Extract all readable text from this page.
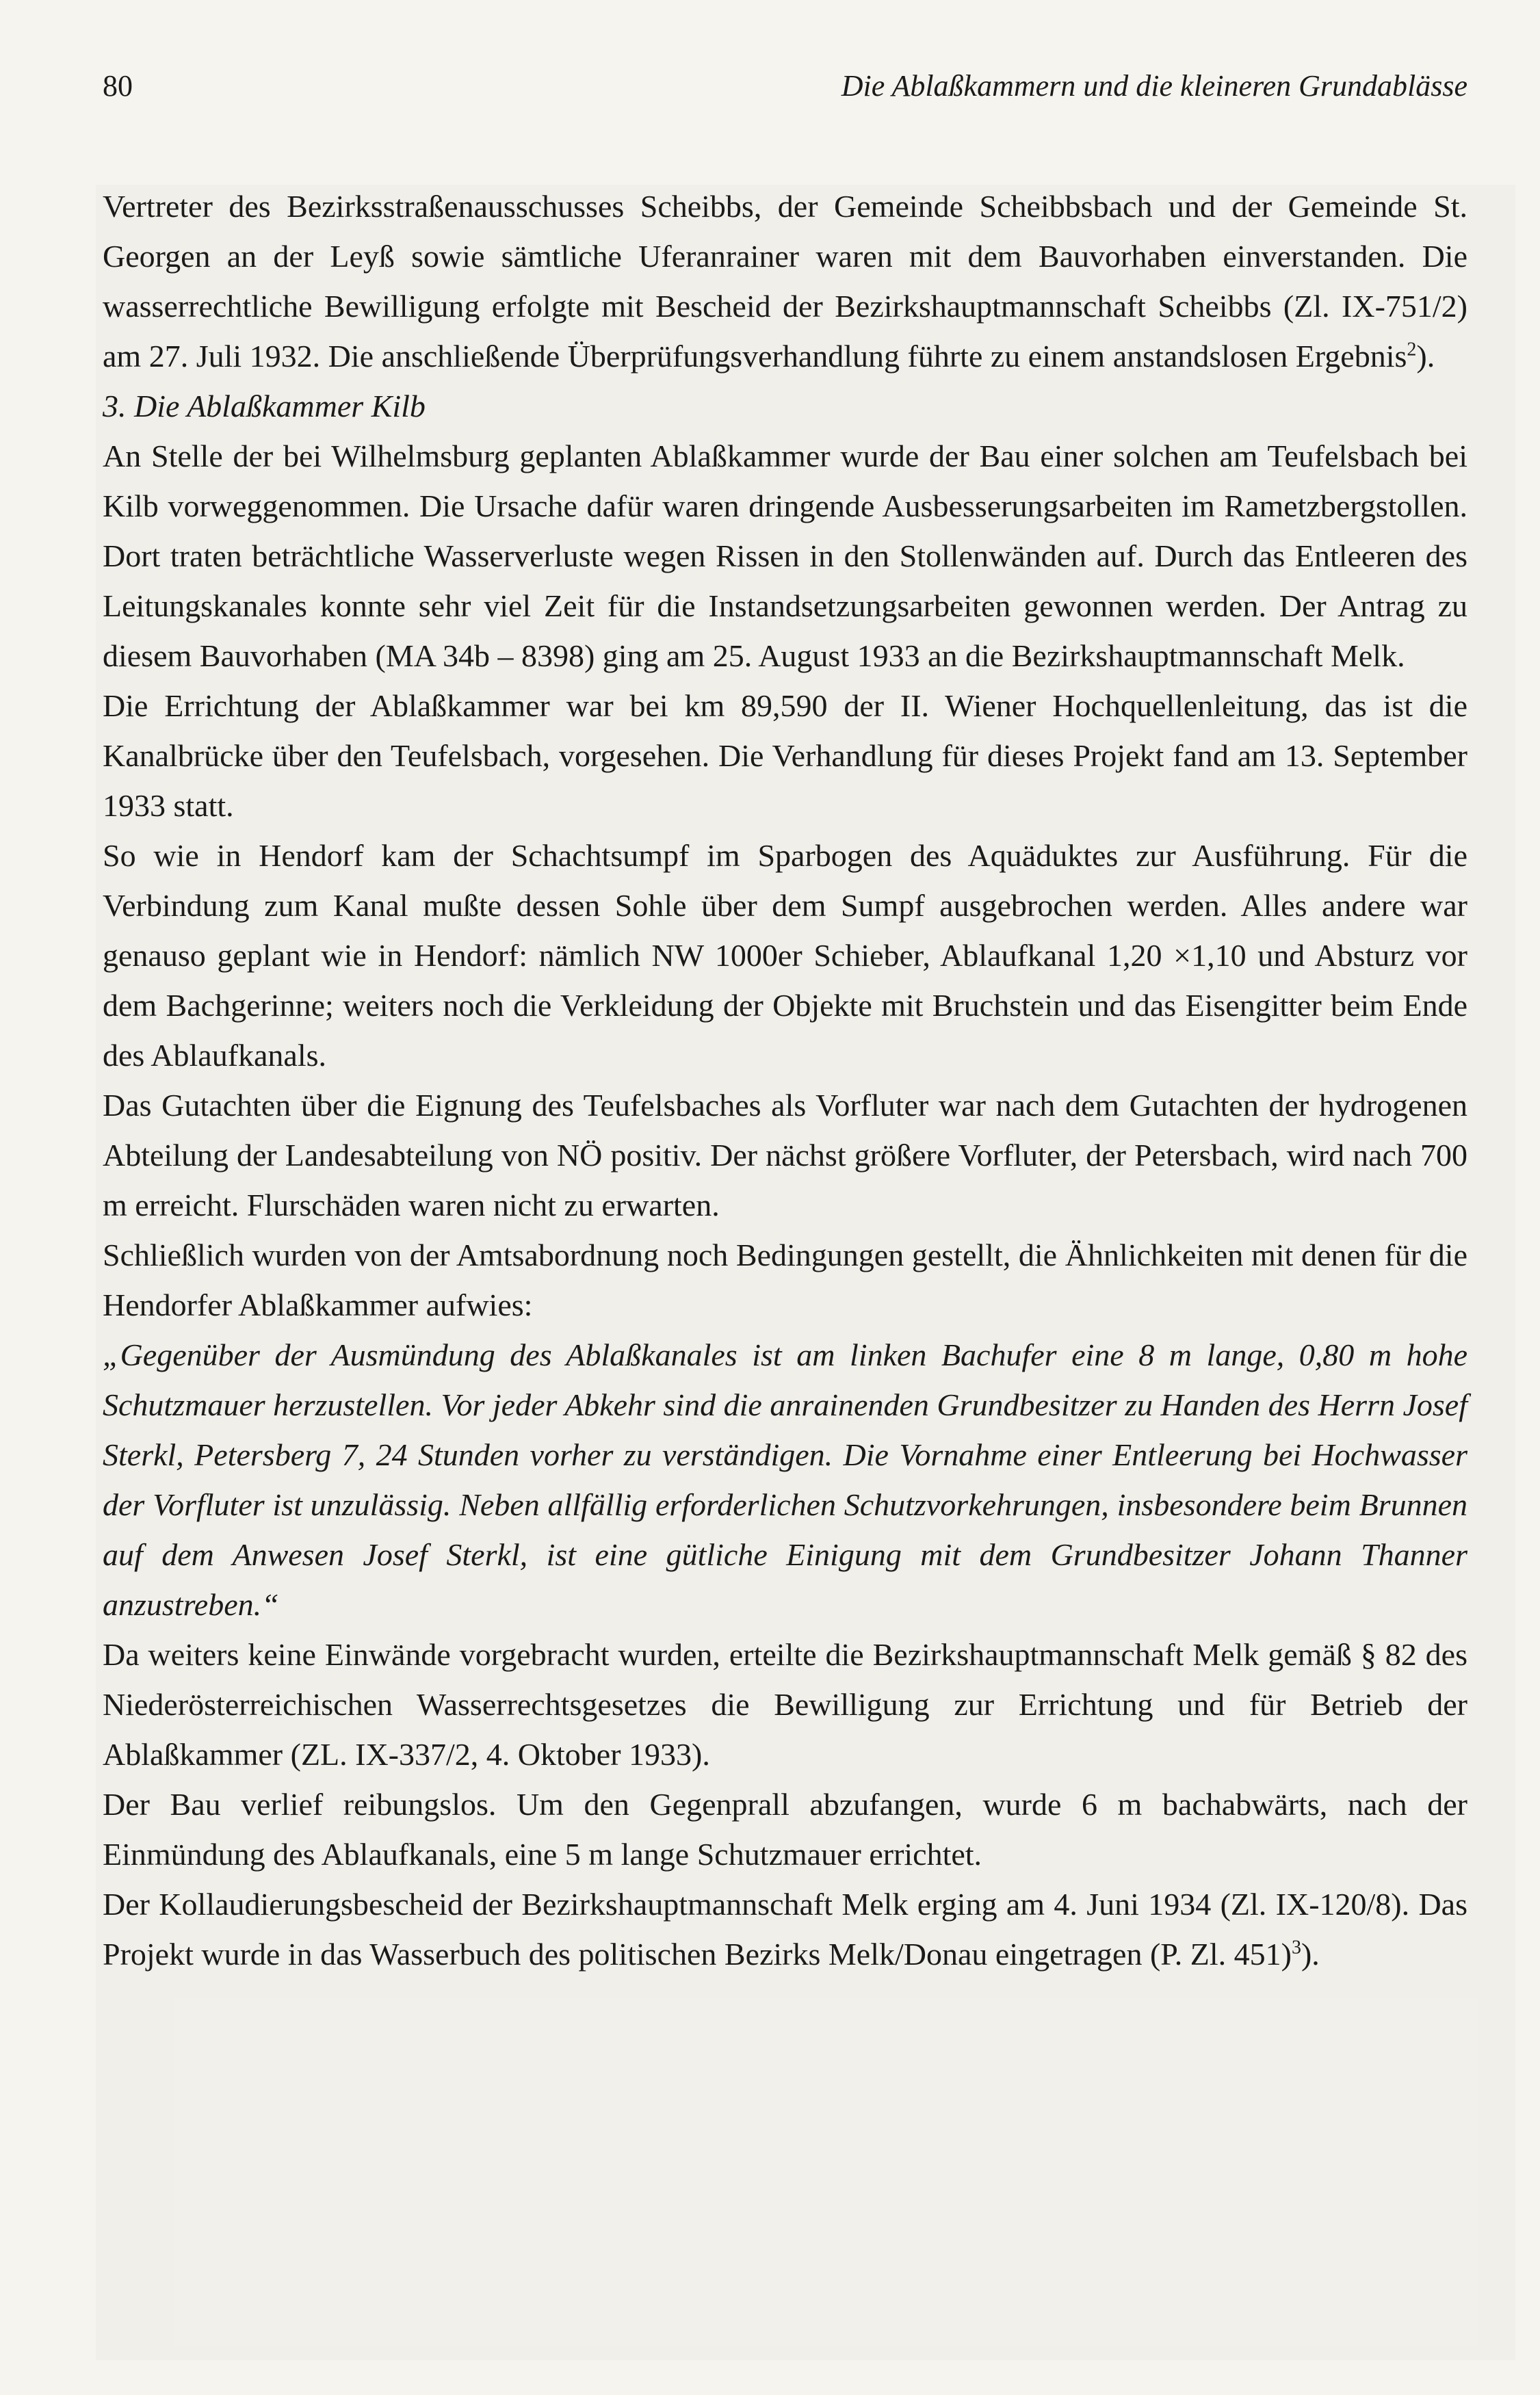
80	Die Ablaßkammern und die kleineren Grundablässe

Vertreter des Bezirksstraßenausschusses Scheibbs, der Gemeinde Scheibbsbach und der Gemeinde St. Georgen an der Leyß sowie sämtliche Uferanrainer waren mit dem Bauvorhaben einverstanden. Die wasserrechtliche Bewilligung erfolgte mit Bescheid der Bezirkshauptmannschaft Scheibbs (Zl. IX-751/2) am 27. Juli 1932. Die anschließende Überprüfungsverhandlung führte zu einem anstandslosen Ergebnis$^2$).

3. Die Ablaßkammer Kilb

An Stelle der bei Wilhelmsburg geplanten Ablaßkammer wurde der Bau einer solchen am Teufelsbach bei Kilb vorweggenommen. Die Ursache dafür waren dringende Ausbesserungsarbeiten im Rametzbergstollen. Dort traten beträchtliche Wasserverluste wegen Rissen in den Stollenwänden auf. Durch das Entleeren des Leitungskanales konnte sehr viel Zeit für die Instandsetzungsarbeiten gewonnen werden. Der Antrag zu diesem Bauvorhaben (MA 34b – 8398) ging am 25. August 1933 an die Bezirkshauptmannschaft Melk.

Die Errichtung der Ablaßkammer war bei km 89,590 der II. Wiener Hochquellenleitung, das ist die Kanalbrücke über den Teufelsbach, vorgesehen. Die Verhandlung für dieses Projekt fand am 13. September 1933 statt.

So wie in Hendorf kam der Schachtsumpf im Sparbogen des Aquäduktes zur Ausführung. Für die Verbindung zum Kanal mußte dessen Sohle über dem Sumpf ausgebrochen werden. Alles andere war genauso geplant wie in Hendorf: nämlich NW 1000er Schieber, Ablaufkanal 1,20 ×1,10 und Absturz vor dem Bachgerinne; weiters noch die Verkleidung der Objekte mit Bruchstein und das Eisengitter beim Ende des Ablaufkanals.

Das Gutachten über die Eignung des Teufelsbaches als Vorfluter war nach dem Gutachten der hydrogenen Abteilung der Landesabteilung von NÖ positiv. Der nächst größere Vorfluter, der Petersbach, wird nach 700 m erreicht. Flurschäden waren nicht zu erwarten.

Schließlich wurden von der Amtsabordnung noch Bedingungen gestellt, die Ähnlichkeiten mit denen für die Hendorfer Ablaßkammer aufwies:

„Gegenüber der Ausmündung des Ablaßkanales ist am linken Bachufer eine 8 m lange, 0,80 m hohe Schutzmauer herzustellen. Vor jeder Abkehr sind die anrainenden Grundbesitzer zu Handen des Herrn Josef Sterkl, Petersberg 7, 24 Stunden vorher zu verständigen. Die Vornahme einer Entleerung bei Hochwasser der Vorfluter ist unzulässig. Neben allfällig erforderlichen Schutzvorkehrungen, insbesondere beim Brunnen auf dem Anwesen Josef Sterkl, ist eine gütliche Einigung mit dem Grundbesitzer Johann Thanner anzustreben.“

Da weiters keine Einwände vorgebracht wurden, erteilte die Bezirkshauptmannschaft Melk gemäß § 82 des Niederösterreichischen Wasserrechtsgesetzes die Bewilligung zur Errichtung und für Betrieb der Ablaßkammer (ZL. IX-337/2, 4. Oktober 1933).

Der Bau verlief reibungslos. Um den Gegenprall abzufangen, wurde 6 m bachabwärts, nach der Einmündung des Ablaufkanals, eine 5 m lange Schutzmauer errichtet.

Der Kollaudierungsbescheid der Bezirkshauptmannschaft Melk erging am 4. Juni 1934 (Zl. IX-120/8). Das Projekt wurde in das Wasserbuch des politischen Bezirks Melk/Donau eingetragen (P. Zl. 451)$^3$).
